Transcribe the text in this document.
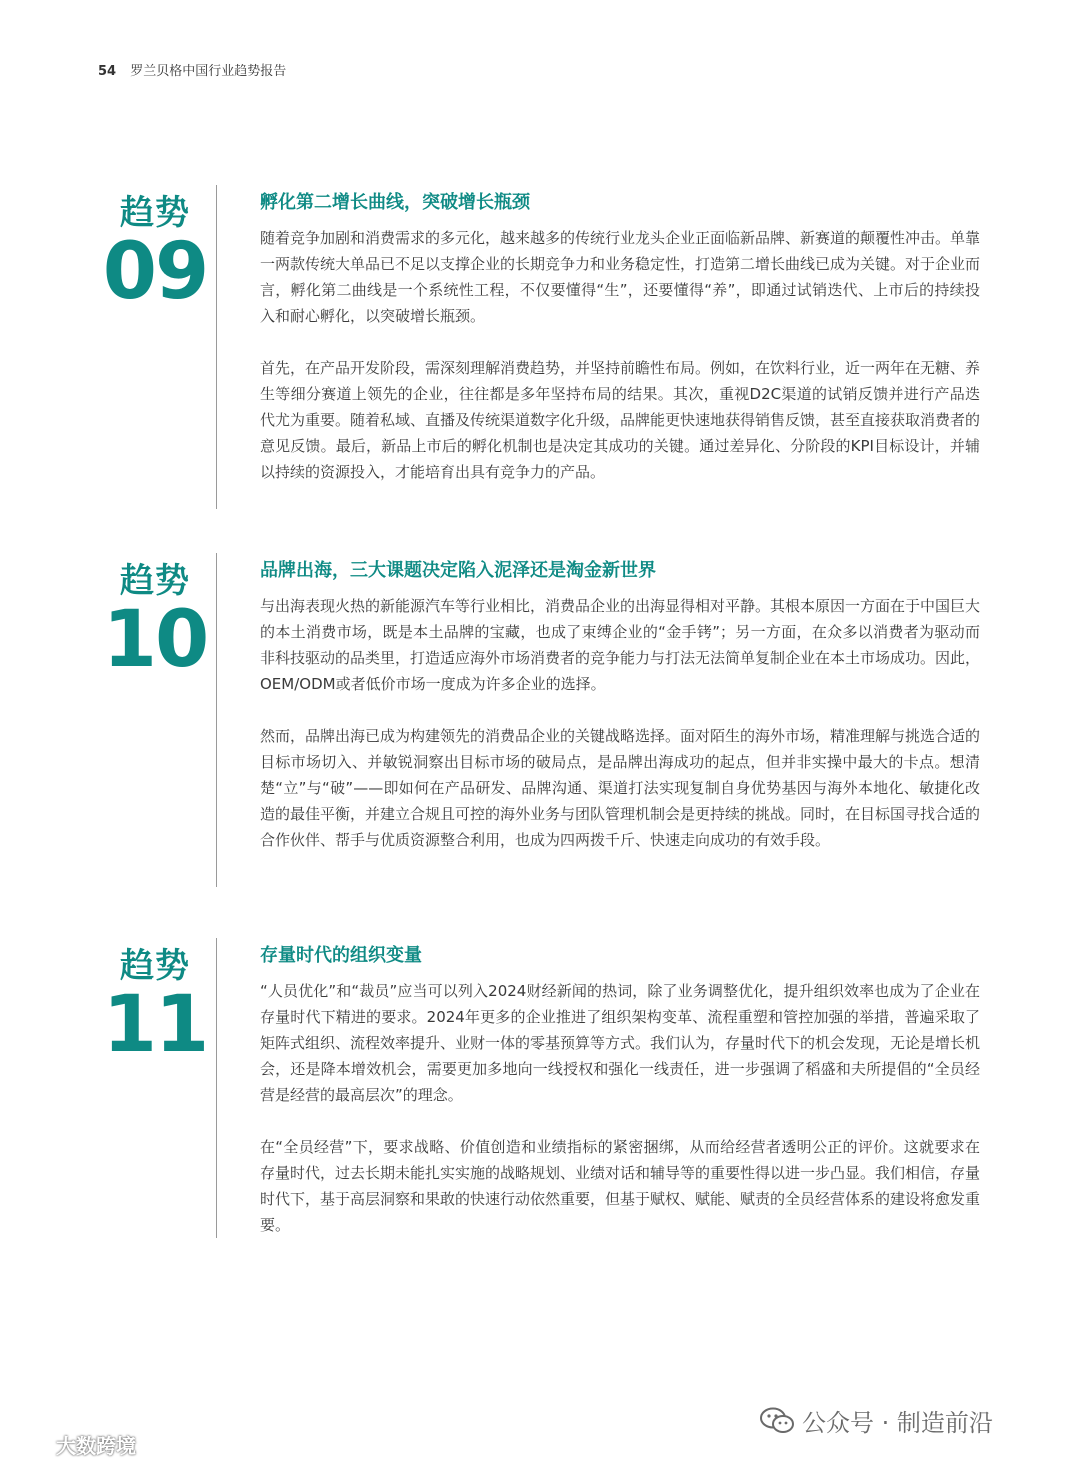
54 罗兰贝格中国行业趋势报告
趋势
09
孵化第二增长曲线，突破增长瓶颈

随着竞争加剧和消费需求的多元化，越来越多的传统行业龙头企业正面临新品牌、新赛道的颠覆性冲击。单靠一两款传统大单品已不足以支撑企业的长期竞争力和业务稳定性，打造第二增长曲线已成为关键。对于企业而言，孵化第二曲线是一个系统性工程，不仅要懂得“生”，还要懂得“养”，即通过试销迭代、上市后的持续投入和耐心孵化，以突破增长瓶颈。

首先，在产品开发阶段，需深刻理解消费趋势，并坚持前瞻性布局。例如，在饮料行业，近一两年在无糖、养生等细分赛道上领先的企业，往往都是多年坚持布局的结果。其次，重视D2C渠道的试销反馈并进行产品迭代尤为重要。随着私域、直播及传统渠道数字化升级，品牌能更快速地获得销售反馈，甚至直接获取消费者的意见反馈。最后，新品上市后的孵化机制也是决定其成功的关键。通过差异化、分阶段的KPI目标设计，并辅以持续的资源投入，才能培育出具有竞争力的产品。

趋势
10
品牌出海，三大课题决定陷入泥泽还是淘金新世界

与出海表现火热的新能源汽车等行业相比，消费品企业的出海显得相对平静。其根本原因一方面在于中国巨大的本土消费市场，既是本土品牌的宝藏，也成了束缚企业的“金手铐”；另一方面，在众多以消费者为驱动而非科技驱动的品类里，打造适应海外市场消费者的竞争能力与打法无法简单复制企业在本土市场成功。因此，OEM/ODM或者低价市场一度成为许多企业的选择。

然而，品牌出海已成为构建领先的消费品企业的关键战略选择。面对陌生的海外市场，精准理解与挑选合适的目标市场切入、并敏锐洞察出目标市场的破局点，是品牌出海成功的起点，但并非实操中最大的卡点。想清楚“立”与“破”——即如何在产品研发、品牌沟通、渠道打法实现复制自身优势基因与海外本地化、敏捷化改造的最佳平衡，并建立合规且可控的海外业务与团队管理机制会是更持续的挑战。同时，在目标国寻找合适的合作伙伴、帮手与优质资源整合利用，也成为四两拨千斤、快速走向成功的有效手段。

趋势
11
存量时代的组织变量

“人员优化”和“裁员”应当可以列入2024财经新闻的热词，除了业务调整优化，提升组织效率也成为了企业在存量时代下精进的要求。2024年更多的企业推进了组织架构变革、流程重塑和管控加强的举措，普遍采取了矩阵式组织、流程效率提升、业财一体的零基预算等方式。我们认为，存量时代下的机会发现，无论是增长机会，还是降本增效机会，需要更加多地向一线授权和强化一线责任，进一步强调了稻盛和夫所提倡的“全员经营是经营的最高层次”的理念。

在“全员经营”下，要求战略、价值创造和业绩指标的紧密捆绑，从而给经营者透明公正的评价。这就要求在存量时代，过去长期未能扎实实施的战略规划、业绩对话和辅导等的重要性得以进一步凸显。我们相信，存量时代下，基于高层洞察和果敢的快速行动依然重要，但基于赋权、赋能、赋责的全员经营体系的建设将愈发重要。

公众号 · 制造前沿
大数跨境
